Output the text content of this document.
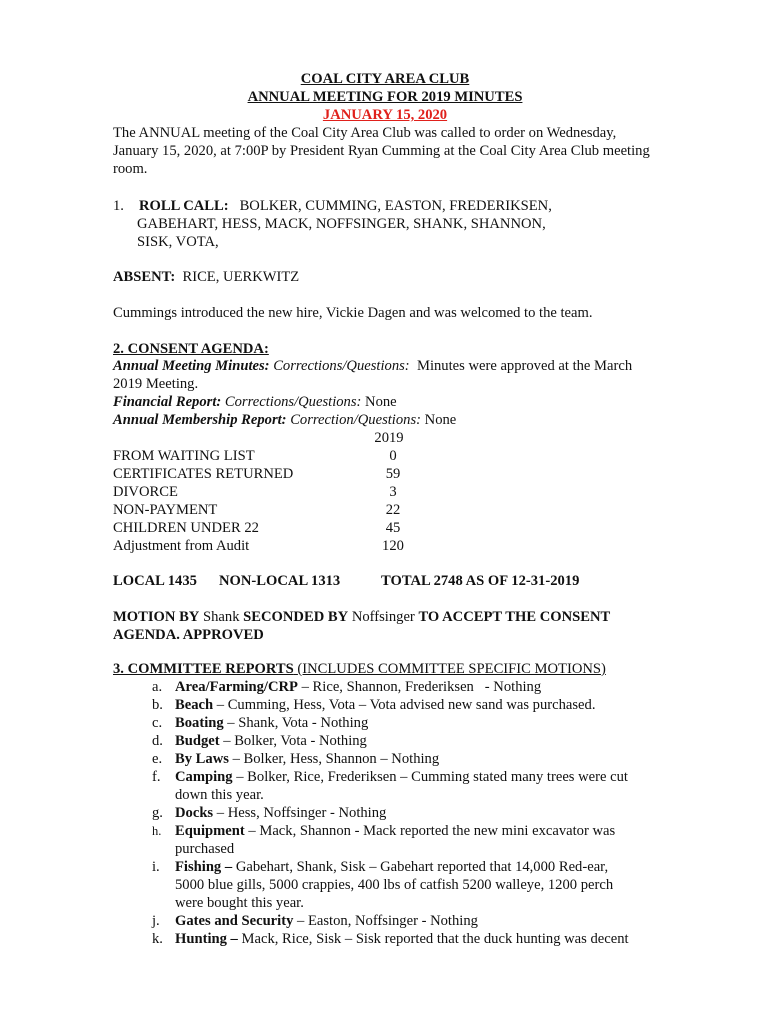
COAL CITY AREA CLUB
ANNUAL MEETING FOR 2019 MINUTES
JANUARY 15, 2020
The ANNUAL meeting of the Coal City Area Club was called to order on Wednesday, January 15, 2020, at 7:00P by President Ryan Cumming at the Coal City Area Club meeting room.
1. ROLL CALL: BOLKER, CUMMING, EASTON, FREDERIKSEN,
GABEHART, HESS, MACK, NOFFSINGER, SHANK, SHANNON,
SISK, VOTA,
ABSENT: RICE, UERKWITZ
Cummings introduced the new hire, Vickie Dagen and was welcomed to the team.
2. CONSENT AGENDA:
Annual Meeting Minutes: Corrections/Questions: Minutes were approved at the March
2019 Meeting.
Financial Report: Corrections/Questions: None
Annual Membership Report: Correction/Questions: None
2019
FROM WAITING LIST	0
CERTIFICATES RETURNED	59
DIVORCE	3
NON-PAYMENT	22
CHILDREN UNDER 22	45
Adjustment from Audit	120
LOCAL 1435 NON-LOCAL 1313	TOTAL 2748 AS OF 12-31-2019
MOTION BY Shank SECONDED BY Noffsinger TO ACCEPT THE CONSENT
AGENDA. APPROVED
3. COMMITTEE REPORTS (INCLUDES COMMITTEE SPECIFIC MOTIONS)
a. Area/Farming/CRP – Rice, Shannon, Frederiksen   - Nothing
b. Beach – Cumming, Hess, Vota – Vota advised new sand was purchased.
c. Boating – Shank, Vota - Nothing
d. Budget – Bolker, Vota - Nothing
e. By Laws – Bolker, Hess, Shannon – Nothing
f. Camping – Bolker, Rice, Frederiksen – Cumming stated many trees were cut
down this year.
g. Docks – Hess, Noffsinger - Nothing
h. Equipment – Mack, Shannon - Mack reported the new mini excavator was
purchased
i. Fishing – Gabehart, Shank, Sisk – Gabehart reported that 14,000 Red-ear,
5000 blue gills, 5000 crappies, 400 lbs of catfish 5200 walleye, 1200 perch
were bought this year.
j. Gates and Security – Easton, Noffsinger - Nothing
k. Hunting – Mack, Rice, Sisk – Sisk reported that the duck hunting was decent
